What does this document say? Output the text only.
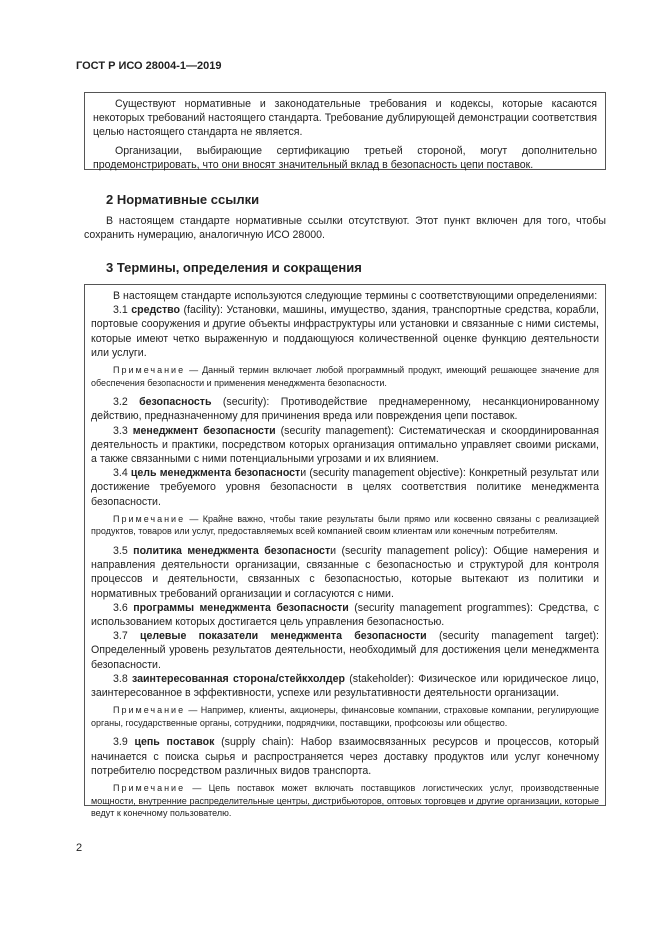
ГОСТ Р ИСО 28004-1—2019

Существуют нормативные и законодательные требования и кодексы, которые касаются некоторых требований настоящего стандарта. Требование дублирующей демонстрации соответствия целью настоящего стандарта не является.

Организации, выбирающие сертификацию третьей стороной, могут дополнительно продемонстрировать, что они вносят значительный вклад в безопасность цепи поставок.

2 Нормативные ссылки

В настоящем стандарте нормативные ссылки отсутствуют. Этот пункт включен для того, чтобы сохранить нумерацию, аналогичную ИСО 28000.

3 Термины, определения и сокращения

В настоящем стандарте используются следующие термины с соответствующими определениями:

3.1 средство (facility): Установки, машины, имущество, здания, транспортные средства, корабли, портовые сооружения и другие объекты инфраструктуры или установки и связанные с ними системы, которые имеют четко выраженную и поддающуюся количественной оценке функцию деятельности или услуги.

Примечание — Данный термин включает любой программный продукт, имеющий решающее значение для обеспечения безопасности и применения менеджмента безопасности.

3.2 безопасность (security): Противодействие преднамеренному, несанкционированному действию, предназначенному для причинения вреда или повреждения цепи поставок.

3.3 менеджмент безопасности (security management): Систематическая и скоординированная деятельность и практики, посредством которых организация оптимально управляет своими рисками, а также связанными с ними потенциальными угрозами и их влиянием.

3.4 цель менеджмента безопасности (security management objective): Конкретный результат или достижение требуемого уровня безопасности в целях соответствия политике менеджмента безопасности.

Примечание — Крайне важно, чтобы такие результаты были прямо или косвенно связаны с реализацией продуктов, товаров или услуг, предоставляемых всей компанией своим клиентам или конечным потребителям.

3.5 политика менеджмента безопасности (security management policy): Общие намерения и направления деятельности организации, связанные с безопасностью и структурой для контроля процессов и деятельности, связанных с безопасностью, которые вытекают из политики и нормативных требований организации и согласуются с ними.

3.6 программы менеджмента безопасности (security management programmes): Средства, с использованием которых достигается цель управления безопасностью.

3.7 целевые показатели менеджмента безопасности (security management target): Определенный уровень результатов деятельности, необходимый для достижения цели менеджмента безопасности.

3.8 заинтересованная сторона/стейкхолдер (stakeholder): Физическое или юридическое лицо, заинтересованное в эффективности, успехе или результативности деятельности организации.

Примечание — Например, клиенты, акционеры, финансовые компании, страховые компании, регулирующие органы, государственные органы, сотрудники, подрядчики, поставщики, профсоюзы или общество.

3.9 цепь поставок (supply chain): Набор взаимосвязанных ресурсов и процессов, который начинается с поиска сырья и распространяется через доставку продуктов или услуг конечному потребителю посредством различных видов транспорта.

Примечание — Цепь поставок может включать поставщиков логистических услуг, производственные мощности, внутренние распределительные центры, дистрибьюторов, оптовых торговцев и другие организации, которые ведут к конечному пользователю.

2
